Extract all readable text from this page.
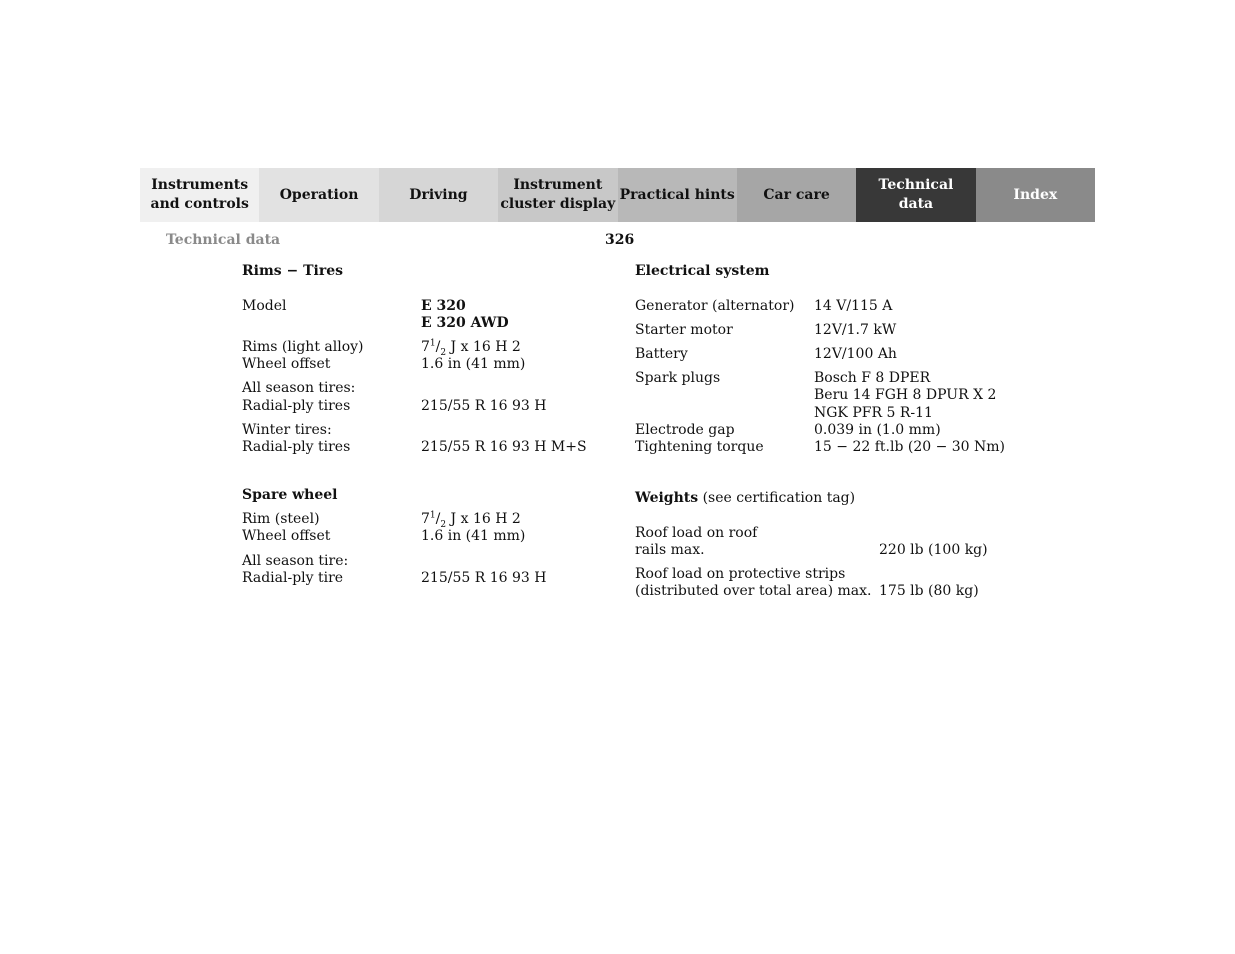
Instruments
and controls
Operation	Driving
Instrument
cluster display
Practical hints	Car care
Technical
data
Index
Technical data	326
Rims − Tires
Model	E 320
E 320 AWD
Rims (light alloy)	$7^1/_2$ J x 16 H 2
Wheel offset	1.6 in (41 mm)
All season tires:
Radial-ply tires	215/55 R 16 93 H
Winter tires:
Radial-ply tires	215/55 R 16 93 H M+S
Spare wheel
Rim (steel)	$7^1/_2$ J x 16 H 2
Wheel offset	1.6 in (41 mm)
All season tire:
Radial-ply tire	215/55 R 16 93 H
Electrical system
Generator (alternator) 14 V/115 A
Starter motor	12V/1.7 kW
Battery	12V/100 Ah
Spark plugs	Bosch F 8 DPER
Beru 14 FGH 8 DPUR X 2
NGK PFR 5 R-11
Electrode gap	0.039 in (1.0 mm)
Tightening torque	15 − 22 ft.lb (20 − 30 Nm)
Weights (see certification tag)
Roof load on roof
rails max.	220 lb (100 kg)
Roof load on protective strips
(distributed over total area) max. 175 lb (80 kg)
